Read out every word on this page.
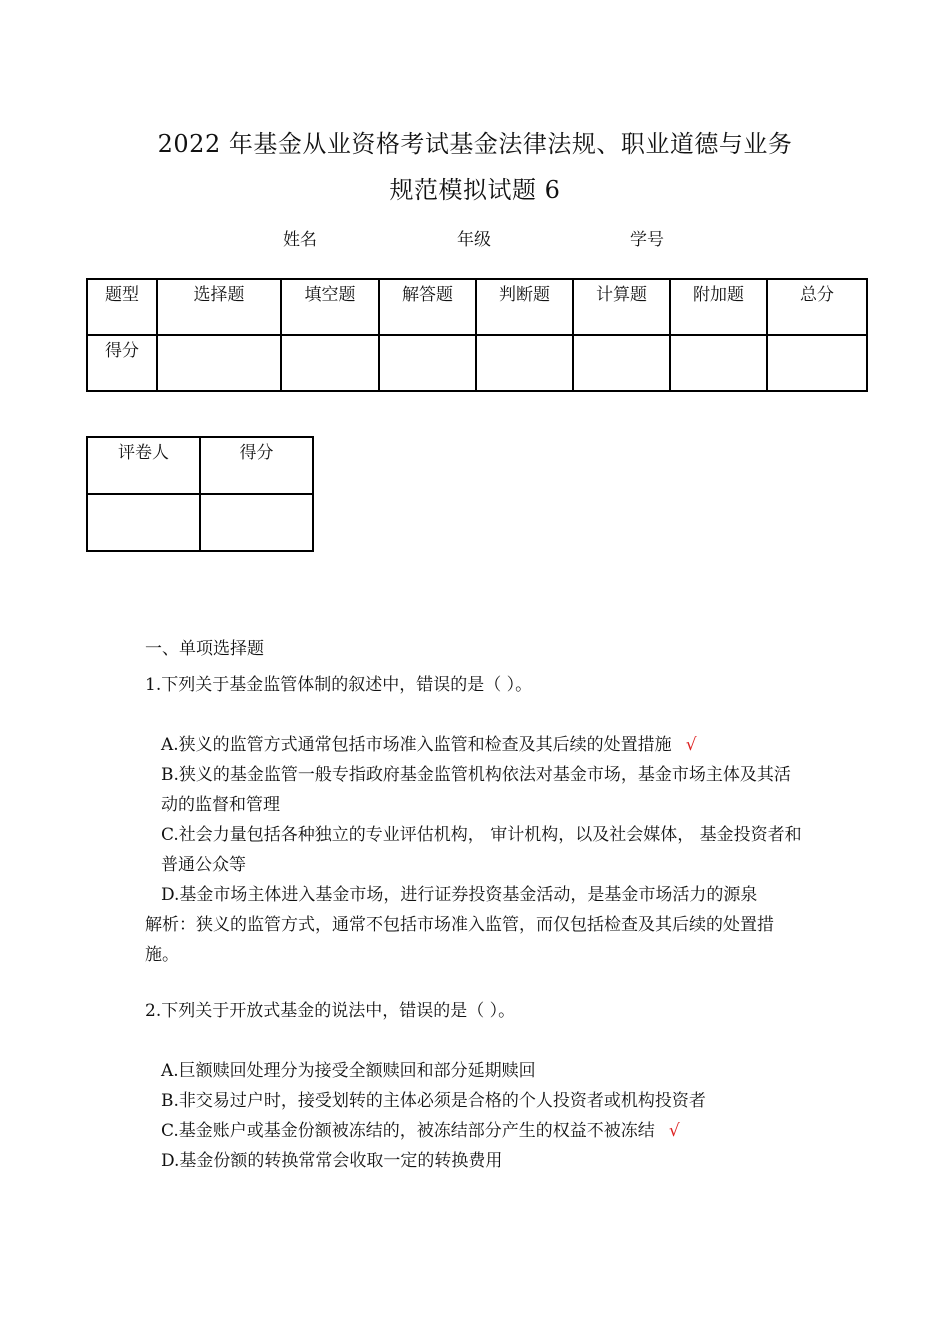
2022 年基金从业资格考试基金法律法规、职业道德与业务
规范模拟试题 6
姓名	年级	学号
题型	选择题	填空题	解答题	判断题	计算题	附加题	总分
得分							
评卷人	得分

一、单项选择题
1.下列关于基金监管体制的叙述中，错误的是（ ）。
A.狭义的监管方式通常包括市场准入监管和检查及其后续的处置措施 √
B.狭义的基金监管一般专指政府基金监管机构依法对基金市场，基金市场主体及其活动的监督和管理
C.社会力量包括各种独立的专业评估机构， 审计机构，以及社会媒体， 基金投资者和普通公众等
D.基金市场主体进入基金市场，进行证券投资基金活动，是基金市场活力的源泉
解析：狭义的监管方式，通常不包括市场准入监管，而仅包括检查及其后续的处置措施。
2.下列关于开放式基金的说法中，错误的是（ ）。
A.巨额赎回处理分为接受全额赎回和部分延期赎回
B.非交易过户时，接受划转的主体必须是合格的个人投资者或机构投资者
C.基金账户或基金份额被冻结的，被冻结部分产生的权益不被冻结 √
D.基金份额的转换常常会收取一定的转换费用
